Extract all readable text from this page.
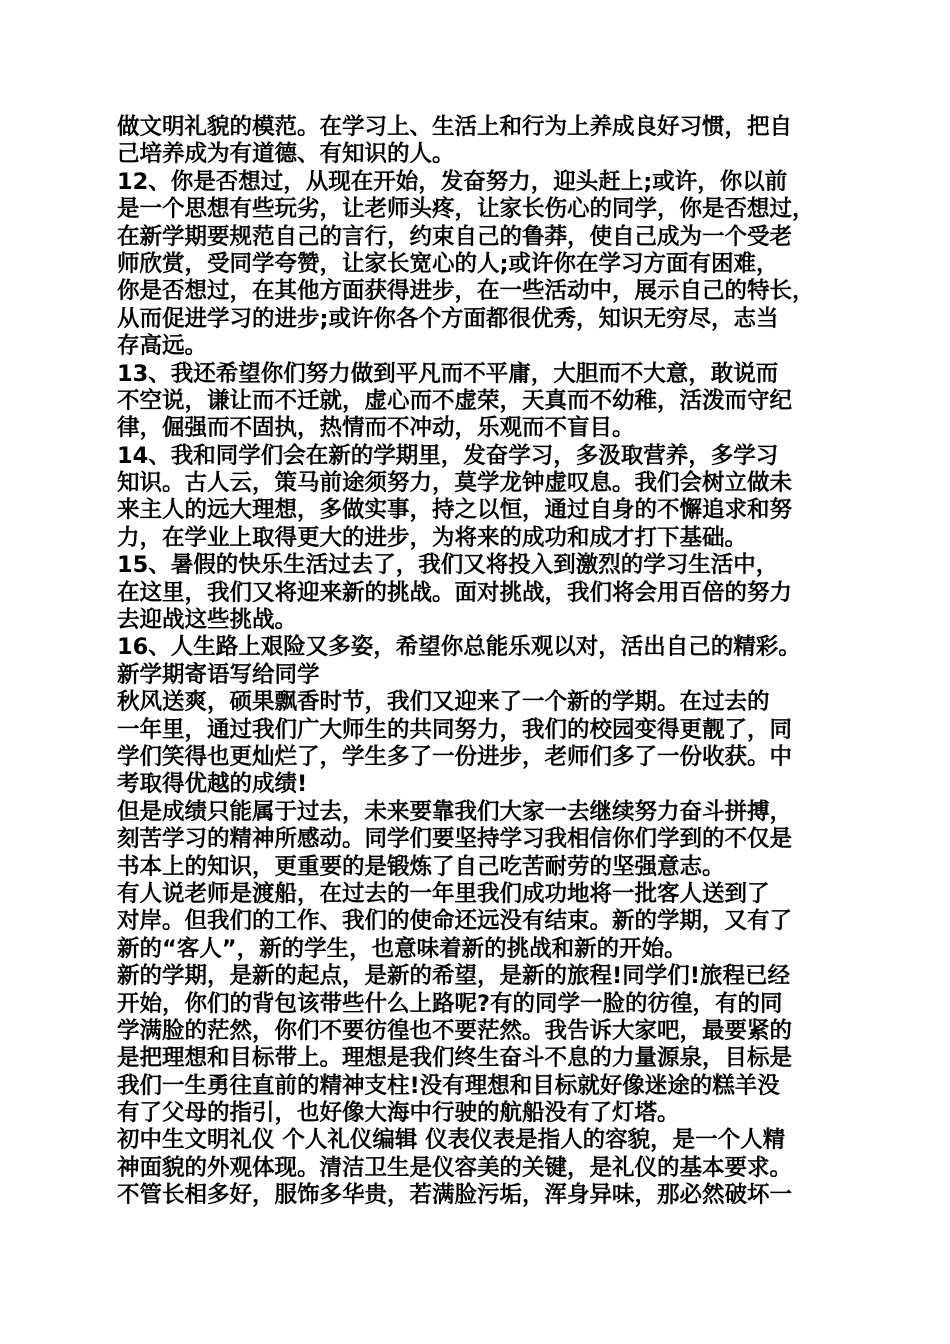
做文明礼貌的模范。在学习上、生活上和行为上养成良好习惯，把自
己培养成为有道德、有知识的人。
12、你是否想过，从现在开始，发奋努力，迎头赶上;或许，你以前
是一个思想有些玩劣，让老师头疼，让家长伤心的同学，你是否想过，
在新学期要规范自己的言行，约束自己的鲁莽，使自己成为一个受老
师欣赏，受同学夸赞，让家长宽心的人;或许你在学习方面有困难，
你是否想过，在其他方面获得进步，在一些活动中，展示自己的特长，
从而促进学习的进步;或许你各个方面都很优秀，知识无穷尽，志当
存高远。
13、我还希望你们努力做到平凡而不平庸，大胆而不大意，敢说而
不空说，谦让而不迁就，虚心而不虚荣，天真而不幼稚，活泼而守纪
律，倔强而不固执，热情而不冲动，乐观而不盲目。
14、我和同学们会在新的学期里，发奋学习，多汲取营养，多学习
知识。古人云，策马前途须努力，莫学龙钟虚叹息。我们会树立做未
来主人的远大理想，多做实事，持之以恒，通过自身的不懈追求和努
力，在学业上取得更大的进步，为将来的成功和成才打下基础。
15、暑假的快乐生活过去了，我们又将投入到激烈的学习生活中，
在这里，我们又将迎来新的挑战。面对挑战，我们将会用百倍的努力
去迎战这些挑战。
16、人生路上艰险又多姿，希望你总能乐观以对，活出自己的精彩。
新学期寄语写给同学
秋风送爽，硕果飘香时节，我们又迎来了一个新的学期。在过去的
一年里，通过我们广大师生的共同努力，我们的校园变得更靓了，同
学们笑得也更灿烂了，学生多了一份进步，老师们多了一份收获。中
考取得优越的成绩!
但是成绩只能属于过去，未来要靠我们大家一去继续努力奋斗拼搏，
刻苦学习的精神所感动。同学们要坚持学习我相信你们学到的不仅是
书本上的知识，更重要的是锻炼了自己吃苦耐劳的坚强意志。
有人说老师是渡船，在过去的一年里我们成功地将一批客人送到了
对岸。但我们的工作、我们的使命还远没有结束。新的学期，又有了
新的“客人”，新的学生，也意味着新的挑战和新的开始。
新的学期，是新的起点，是新的希望，是新的旅程!同学们!旅程已经
开始，你们的背包该带些什么上路呢?有的同学一脸的彷徨，有的同
学满脸的茫然，你们不要彷徨也不要茫然。我告诉大家吧，最要紧的
是把理想和目标带上。理想是我们终生奋斗不息的力量源泉，目标是
我们一生勇往直前的精神支柱!没有理想和目标就好像迷途的糕羊没
有了父母的指引，也好像大海中行驶的航船没有了灯塔。
初中生文明礼仪 个人礼仪编辑 仪表仪表是指人的容貌，是一个人精
神面貌的外观体现。清洁卫生是仪容美的关键，是礼仪的基本要求。
不管长相多好，服饰多华贵，若满脸污垢，浑身异味，那必然破坏一
